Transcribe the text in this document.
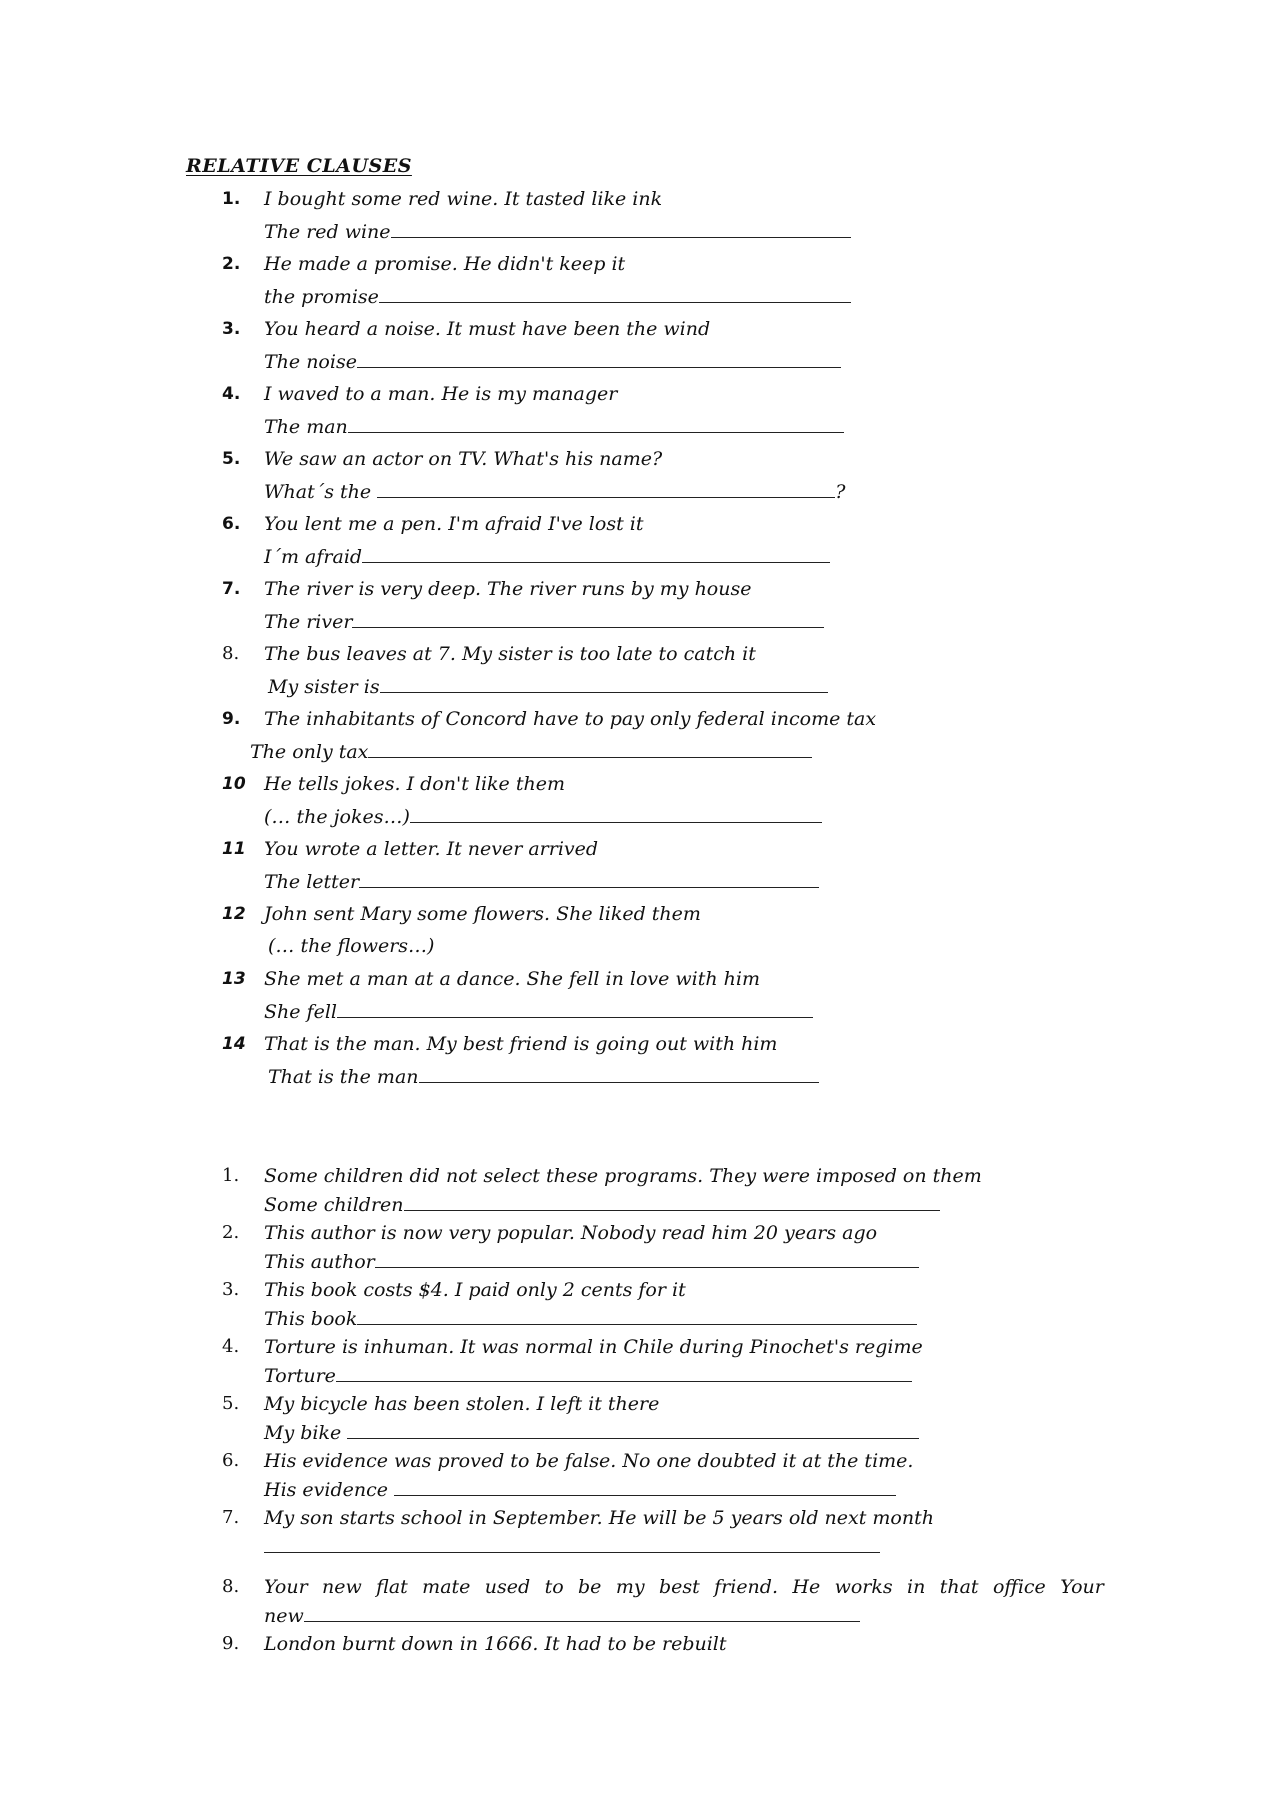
RELATIVE CLAUSES
1. I bought some red wine. It tasted like ink
The red wine
2. He made a promise. He didn't keep it
the promise
3. You heard a noise. It must have been the wind
The noise
4. I waved to a man. He is my manager
The man
5. We saw an actor on TV. What's his name?
What´s the	?
6. You lent me a pen. I'm afraid I've lost it
I´m afraid
7. The river is very deep. The river runs by my house
The river
8. The bus leaves at 7. My sister is too late to catch it
My sister is
9. The inhabitants of Concord have to pay only federal income tax
The only tax
10 He tells jokes. I don't like them
(… the jokes…)
11 You wrote a letter. It never arrived
The letter
12 John sent Mary some flowers. She liked them
(… the flowers…)
13 She met a man at a dance. She fell in love with him
She fell
14 That is the man. My best friend is going out with him
That is the man
1. Some children did not select these programs. They were imposed on them
Some children
2. This author is now very popular. Nobody read him 20 years ago
This author
3. This book costs $4. I paid only 2 cents for it
This book
4. Torture is inhuman. It was normal in Chile during Pinochet's regime
Torture
5. My bicycle has been stolen. I left it there
My bike
6. His evidence was proved to be false. No one doubted it at the time.
His evidence
7. My son starts school in September. He will be 5 years old next month
8. Your new flat mate used to be my best friend. He works in that office Your
new
9. London burnt down in 1666. It had to be rebuilt
